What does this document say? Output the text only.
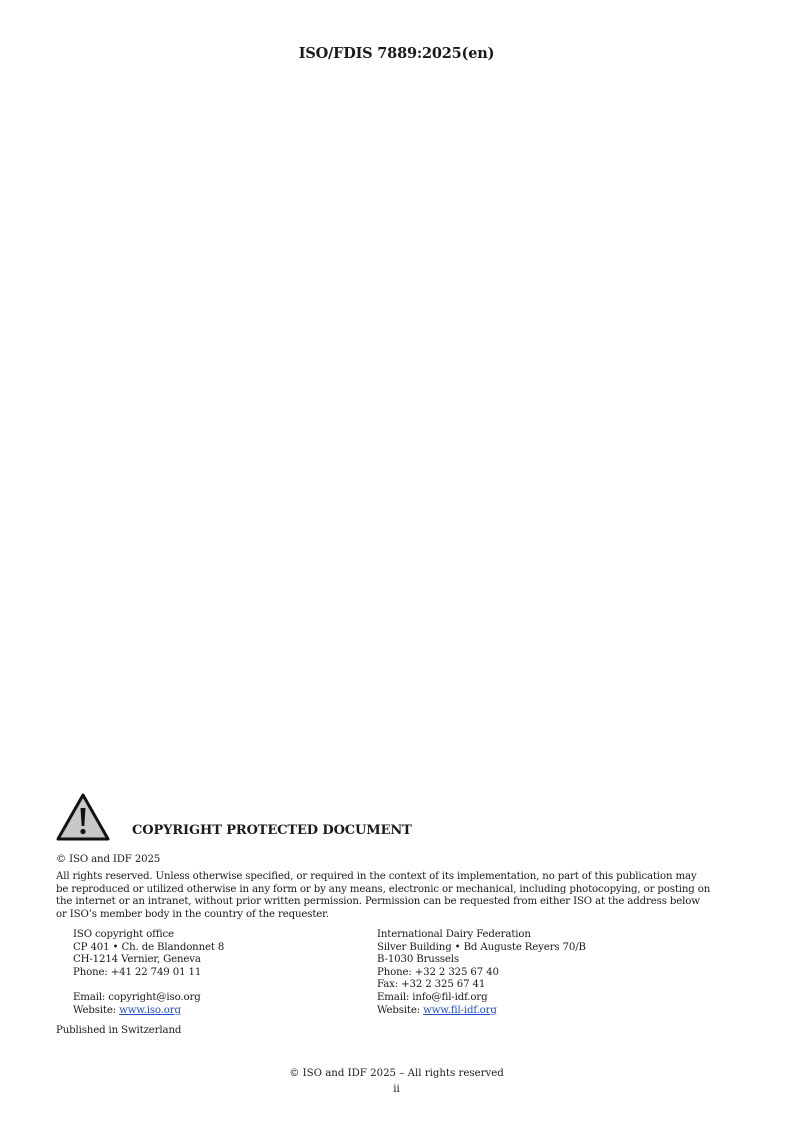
ISO/FDIS 7889:2025(en)
COPYRIGHT PROTECTED DOCUMENT
© ISO and IDF 2025
All rights reserved. Unless otherwise specified, or required in the context of its implementation, no part of this publication may
be reproduced or utilized otherwise in any form or by any means, electronic or mechanical, including photocopying, or posting on
the internet or an intranet, without prior written permission. Permission can be requested from either ISO at the address below
or ISO’s member body in the country of the requester.
ISO copyright office
CP 401 • Ch. de Blandonnet 8
CH-1214 Vernier, Geneva
Phone: +41 22 749 01 11
Email: copyright@iso.org
Website: www.iso.org
International Dairy Federation
Silver Building • Bd Auguste Reyers 70/B
B-1030 Brussels
Phone: +32 2 325 67 40
Fax: +32 2 325 67 41
Email: info@fil-idf.org
Website: www.fil-idf.org
Published in Switzerland
© ISO and IDF 2025 – All rights reserved
ii
